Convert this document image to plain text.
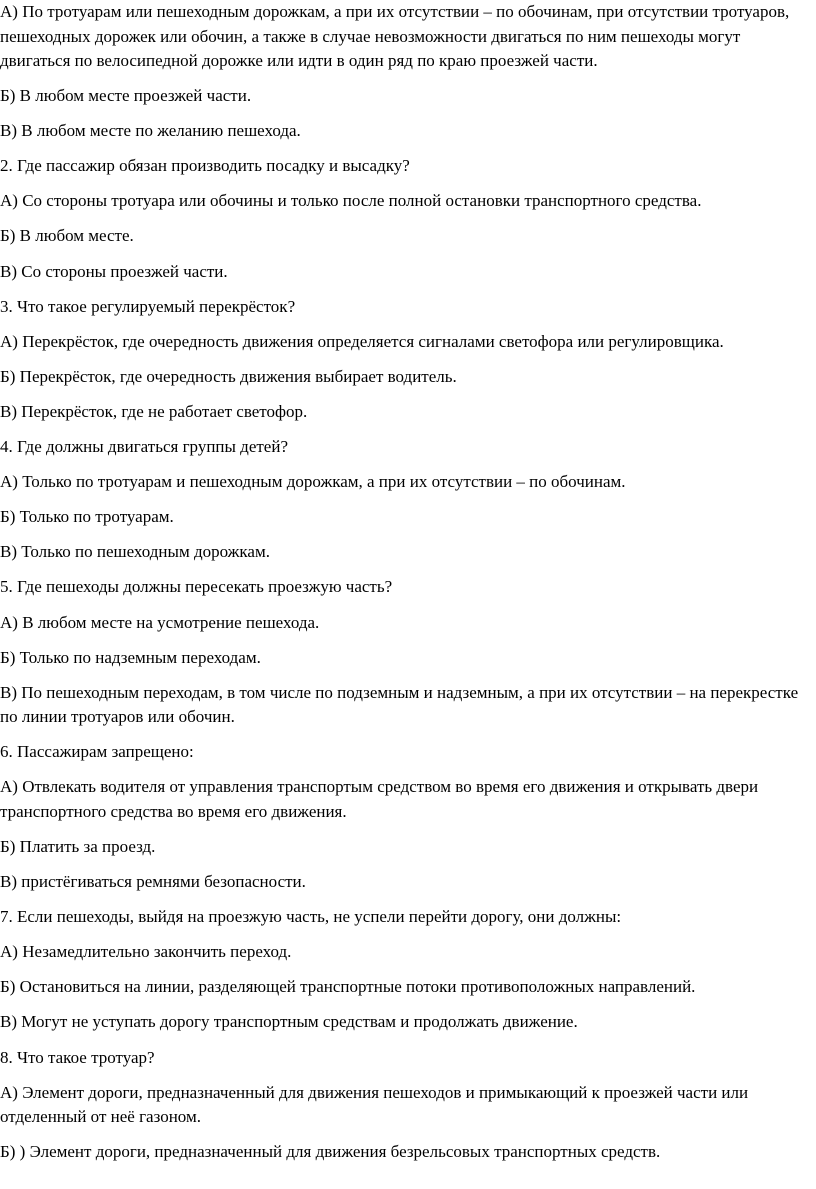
А) По тротуарам или пешеходным дорожкам, а при их отсутствии – по обочинам, при отсутствии тротуаров, пешеходных дорожек или обочин, а также в случае невозможности двигаться по ним пешеходы могут двигаться по велосипедной дорожке или идти в один ряд по краю проезжей части.

Б) В любом месте проезжей части.

В) В любом месте по желанию пешехода.

2. Где пассажир обязан производить посадку и высадку?

А) Со стороны тротуара или обочины и только после полной остановки транспортного средства.

Б) В любом месте.

В) Со стороны проезжей части.

3. Что такое регулируемый перекрёсток?

А) Перекрёсток, где очередность движения определяется сигналами светофора или регулировщика.

Б) Перекрёсток, где очередность движения выбирает водитель.

В) Перекрёсток, где не работает светофор.

4. Где должны двигаться группы детей?

А) Только по тротуарам и пешеходным дорожкам, а при их отсутствии – по обочинам.

Б) Только по тротуарам.

В) Только по пешеходным дорожкам.

5. Где пешеходы должны пересекать проезжую часть?

А) В любом месте на усмотрение пешехода.

Б) Только по надземным переходам.

В) По пешеходным переходам, в том числе по подземным и надземным, а при их отсутствии – на перекрестке по линии тротуаров или обочин.

6. Пассажирам запрещено:

А) Отвлекать водителя от управления транспортым средством во время его движения и открывать двери транспортного средства во время его движения.

Б) Платить за проезд.

В) пристёгиваться ремнями безопасности.

7. Если пешеходы, выйдя на проезжую часть, не успели перейти дорогу, они должны:

А) Незамедлительно закончить переход.

Б) Остановиться на линии, разделяющей транспортные потоки противоположных направлений.

В) Могут не уступать дорогу транспортным средствам и продолжать движение.

8. Что такое тротуар?

А) Элемент дороги, предназначенный для движения пешеходов и примыкающий к проезжей части или отделенный от неё газоном.

Б) ) Элемент дороги, предназначенный для движения безрельсовых транспортных средств.
